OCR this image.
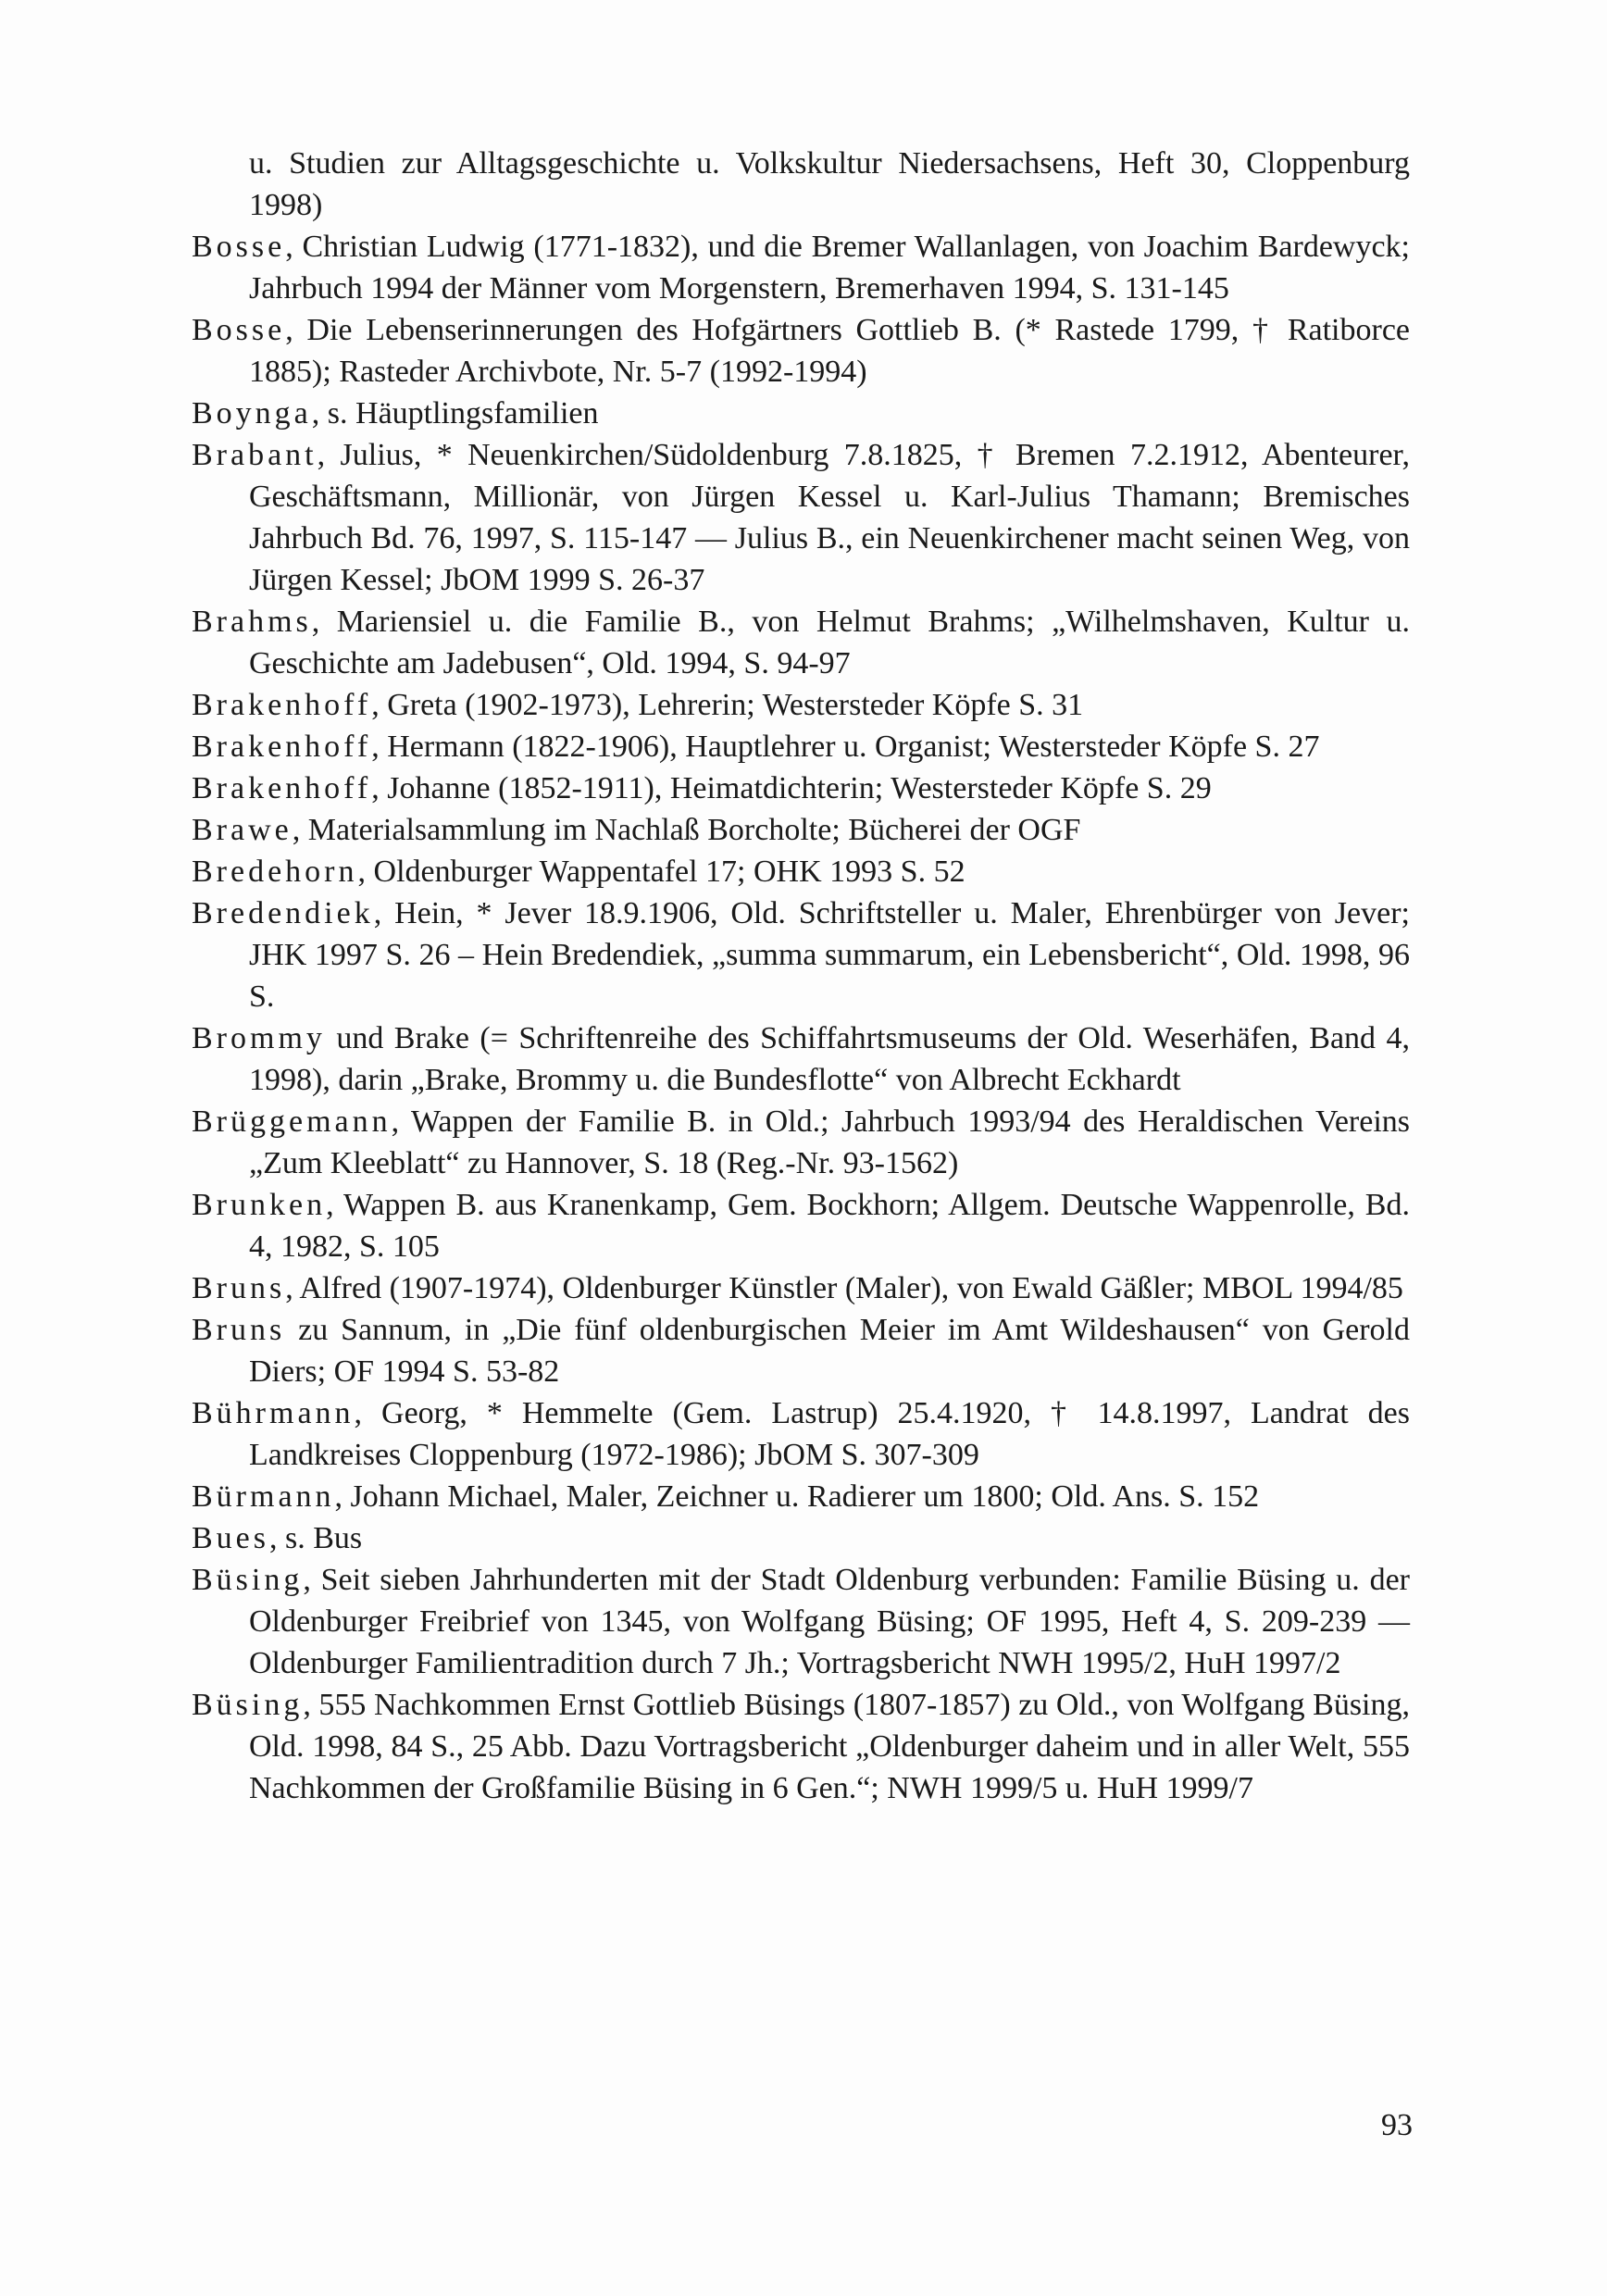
u. Studien zur Alltagsgeschichte u. Volkskultur Niedersachsens, Heft 30, Cloppenburg 1998)

Bosse, Christian Ludwig (1771-1832), und die Bremer Wallanlagen, von Joachim Bardewyck; Jahrbuch 1994 der Männer vom Morgenstern, Bremerhaven 1994, S. 131-145

Bosse, Die Lebenserinnerungen des Hofgärtners Gottlieb B. (* Rastede 1799, † Ratiborce 1885); Rasteder Archivbote, Nr. 5-7 (1992-1994)

Boynga, s. Häuptlingsfamilien

Brabant, Julius, * Neuenkirchen/Südoldenburg 7.8.1825, † Bremen 7.2.1912, Abenteurer, Geschäftsmann, Millionär, von Jürgen Kessel u. Karl-Julius Thamann; Bremisches Jahrbuch Bd. 76, 1997, S. 115-147 — Julius B., ein Neuenkirchener macht seinen Weg, von Jürgen Kessel; JbOM 1999 S. 26-37

Brahms, Mariensiel u. die Familie B., von Helmut Brahms; „Wilhelmshaven, Kultur u. Geschichte am Jadebusen“, Old. 1994, S. 94-97

Brakenhoff, Greta (1902-1973), Lehrerin; Westersteder Köpfe S. 31

Brakenhoff, Hermann (1822-1906), Hauptlehrer u. Organist; Westersteder Köpfe S. 27

Brakenhoff, Johanne (1852-1911), Heimatdichterin; Westersteder Köpfe S. 29

Brawe, Materialsammlung im Nachlaß Borcholte; Bücherei der OGF

Bredehorn, Oldenburger Wappentafel 17; OHK 1993 S. 52

Bredendiek, Hein, * Jever 18.9.1906, Old. Schriftsteller u. Maler, Ehrenbürger von Jever; JHK 1997 S. 26 – Hein Bredendiek, „summa summarum, ein Lebensbericht“, Old. 1998, 96 S.

Brommy und Brake (= Schriftenreihe des Schiffahrtsmuseums der Old. Weserhäfen, Band 4, 1998), darin „Brake, Brommy u. die Bundesflotte“ von Albrecht Eckhardt

Brüggemann, Wappen der Familie B. in Old.; Jahrbuch 1993/94 des Heraldischen Vereins „Zum Kleeblatt“ zu Hannover, S. 18 (Reg.-Nr. 93-1562)

Brunken, Wappen B. aus Kranenkamp, Gem. Bockhorn; Allgem. Deutsche Wappenrolle, Bd. 4, 1982, S. 105

Bruns, Alfred (1907-1974), Oldenburger Künstler (Maler), von Ewald Gäßler; MBOL 1994/85

Bruns zu Sannum, in „Die fünf oldenburgischen Meier im Amt Wildeshausen“ von Gerold Diers; OF 1994 S. 53-82

Bührmann, Georg, * Hemmelte (Gem. Lastrup) 25.4.1920, † 14.8.1997, Landrat des Landkreises Cloppenburg (1972-1986); JbOM S. 307-309

Bürmann, Johann Michael, Maler, Zeichner u. Radierer um 1800; Old. Ans. S. 152

Bues, s. Bus

Büsing, Seit sieben Jahrhunderten mit der Stadt Oldenburg verbunden: Familie Büsing u. der Oldenburger Freibrief von 1345, von Wolfgang Büsing; OF 1995, Heft 4, S. 209-239 — Oldenburger Familientradition durch 7 Jh.; Vortragsbericht NWH 1995/2, HuH 1997/2

Büsing, 555 Nachkommen Ernst Gottlieb Büsings (1807-1857) zu Old., von Wolfgang Büsing, Old. 1998, 84 S., 25 Abb. Dazu Vortragsbericht „Oldenburger daheim und in aller Welt, 555 Nachkommen der Großfamilie Büsing in 6 Gen.“; NWH 1999/5 u. HuH 1999/7

93
